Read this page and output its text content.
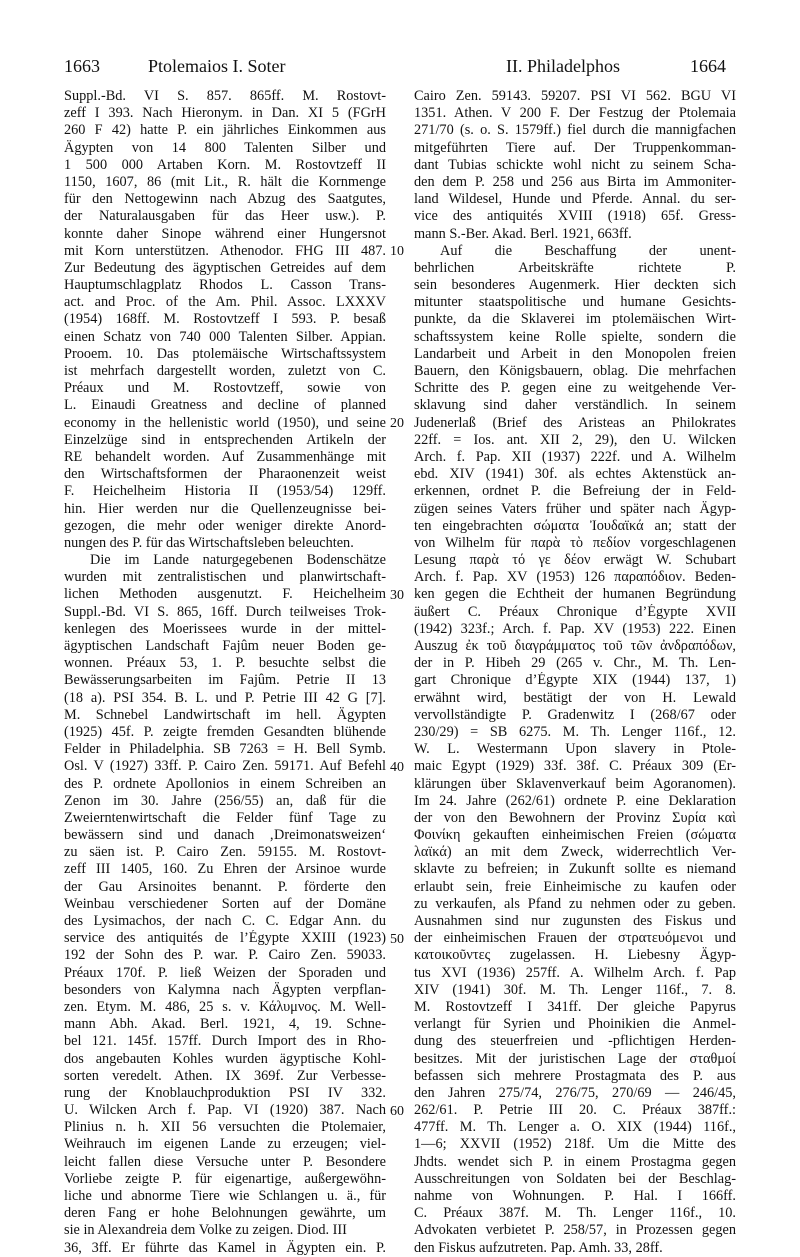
1663	Ptolemaios I. Soter	II. Philadelphos	1664
Suppl.-Bd. VI S. 857. 865ff. M. Rostovt-
zeff I 393. Nach Hieronym. in Dan. XI 5 (FGrH
260 F 42) hatte P. ein jährliches Einkommen aus
Ägypten von 14 800 Talenten Silber und
1 500 000 Artaben Korn. M. Rostovtzeff II
1150, 1607, 86 (mit Lit., R. hält die Kornmenge
für den Nettogewinn nach Abzug des Saatgutes,
der Naturalausgaben für das Heer usw.). P.
konnte daher Sinope während einer Hungersnot
mit Korn unterstützen. Athenodor. FHG III 487.
Zur Bedeutung des ägyptischen Getreides auf dem
Hauptumschlagplatz Rhodos L. Casson Trans-
act. and Proc. of the Am. Phil. Assoc. LXXXV
(1954) 168ff. M. Rostovtzeff I 593. P. besaß
einen Schatz von 740 000 Talenten Silber. Appian.
Prooem. 10. Das ptolemäische Wirtschaftssystem
ist mehrfach dargestellt worden, zuletzt von C.
Préaux und M. Rostovtzeff, sowie von
L. Einaudi Greatness and decline of planned
economy in the hellenistic world (1950), und seine
Einzelzüge sind in entsprechenden Artikeln der
RE behandelt worden. Auf Zusammenhänge mit
den Wirtschaftsformen der Pharaonenzeit weist
F. Heichelheim Historia II (1953/54) 129ff.
hin. Hier werden nur die Quellenzeugnisse bei-
gezogen, die mehr oder weniger direkte Anord-
nungen des P. für das Wirtschaftsleben beleuchten.
Die im Lande naturgegebenen Bodenschätze
wurden mit zentralistischen und planwirtschaft-
lichen Methoden ausgenutzt. F. Heichelheim
Suppl.-Bd. VI S. 865, 16ff. Durch teilweises Trok-
kenlegen des Moerissees wurde in der mittel-
ägyptischen Landschaft Fajûm neuer Boden ge-
wonnen. Préaux 53, 1. P. besuchte selbst die
Bewässerungsarbeiten im Fajûm. Petrie II 13
(18 a). PSI 354. B. L. und P. Petrie III 42 G [7].
M. Schnebel Landwirtschaft im hell. Ägypten
(1925) 45f. P. zeigte fremden Gesandten blühende
Felder in Philadelphia. SB 7263 = H. Bell Symb.
Osl. V (1927) 33ff. P. Cairo Zen. 59171. Auf Befehl
des P. ordnete Apollonios in einem Schreiben an
Zenon im 30. Jahre (256/55) an, daß für die
Zweierntenwirtschaft die Felder fünf Tage zu
bewässern sind und danach ‚Dreimonatsweizen‘
zu säen ist. P. Cairo Zen. 59155. M. Rostovt-
zeff III 1405, 160. Zu Ehren der Arsinoe wurde
der Gau Arsinoites benannt. P. förderte den
Weinbau verschiedener Sorten auf der Domäne
des Lysimachos, der nach C. C. Edgar Ann. du
service des antiquités de l’Égypte XXIII (1923)
192 der Sohn des P. war. P. Cairo Zen. 59033.
Préaux 170f. P. ließ Weizen der Sporaden und
besonders von Kalymna nach Ägypten verpflan-
zen. Etym. M. 486, 25 s. v. Κάλυμνος. M. Well-
mann Abh. Akad. Berl. 1921, 4, 19. Schne-
bel 121. 145f. 157ff. Durch Import des in Rho-
dos angebauten Kohles wurden ägyptische Kohl-
sorten veredelt. Athen. IX 369f. Zur Verbesse-
rung der Knoblauchproduktion PSI IV 332.
U. Wilcken Arch f. Pap. VI (1920) 387. Nach
Plinius n. h. XII 56 versuchten die Ptolemaier,
Weihrauch im eigenen Lande zu erzeugen; viel-
leicht fallen diese Versuche unter P. Besondere
Vorliebe zeigte P. für eigenartige, außergewöhn-
liche und abnorme Tiere wie Schlangen u. ä., für
deren Fang er hohe Belohnungen gewährte, um
sie in Alexandreia dem Volke zu zeigen. Diod. III
36, 3ff. Er führte das Kamel in Ägypten ein. P.
Cairo Zen. 59143. 59207. PSI VI 562. BGU VI
1351. Athen. V 200 F. Der Festzug der Ptolemaia
271/70 (s. o. S. 1579ff.) fiel durch die mannigfachen
mitgeführten Tiere auf. Der Truppenkomman-
dant Tubias schickte wohl nicht zu seinem Scha-
den dem P. 258 und 256 aus Birta im Ammoniter-
land Wildesel, Hunde und Pferde. Annal. du ser-
vice des antiquités XVIII (1918) 65f. Gress-
mann S.-Ber. Akad. Berl. 1921, 663ff.
Auf die Beschaffung der unent-
behrlichen Arbeitskräfte richtete P.
sein besonderes Augenmerk. Hier deckten sich
mitunter staatspolitische und humane Gesichts-
punkte, da die Sklaverei im ptolemäischen Wirt-
schaftssystem keine Rolle spielte, sondern die
Landarbeit und Arbeit in den Monopolen freien
Bauern, den Königsbauern, oblag. Die mehrfachen
Schritte des P. gegen eine zu weitgehende Ver-
sklavung sind daher verständlich. In seinem
Judenerlaß (Brief des Aristeas an Philokrates
22ff. = Ios. ant. XII 2, 29), den U. Wilcken
Arch. f. Pap. XII (1937) 222f. und A. Wilhelm
ebd. XIV (1941) 30f. als echtes Aktenstück an-
erkennen, ordnet P. die Befreiung der in Feld-
zügen seines Vaters früher und später nach Ägyp-
ten eingebrachten σώματα Ἰουδαϊκά an; statt der
von Wilhelm für παρὰ τὸ πεδίον vorgeschlagenen
Lesung παρὰ τό γε δέον erwägt W. Schubart
Arch. f. Pap. XV (1953) 126 παραπόδιον. Beden-
ken gegen die Echtheit der humanen Begründung
äußert C. Préaux Chronique d’Égypte XVII
(1942) 323f.; Arch. f. Pap. XV (1953) 222. Einen
Auszug ἐκ τοῦ διαγράμματος τοῦ τῶν ἀνδραπόδων,
der in P. Hibeh 29 (265 v. Chr., M. Th. Len-
gart Chronique d’Égypte XIX (1944) 137, 1)
erwähnt wird, bestätigt der von H. Lewald
vervollständigte P. Gradenwitz I (268/67 oder
230/29) = SB 6275. M. Th. Lenger 116f., 12.
W. L. Westermann Upon slavery in Ptole-
maic Egypt (1929) 33f. 38f. C. Préaux 309 (Er-
klärungen über Sklavenverkauf beim Agoranomen).
Im 24. Jahre (262/61) ordnete P. eine Deklaration
der von den Bewohnern der Provinz Συρία καὶ
Φοινίκη gekauften einheimischen Freien (σώματα
λαϊκά) an mit dem Zweck, widerrechtlich Ver-
sklavte zu befreien; in Zukunft sollte es niemand
erlaubt sein, freie Einheimische zu kaufen oder
zu verkaufen, als Pfand zu nehmen oder zu geben.
Ausnahmen sind nur zugunsten des Fiskus und
der einheimischen Frauen der στρατευόμενοι und
κατοικοῦντες zugelassen. H. Liebesny Ägyp-
tus XVI (1936) 257ff. A. Wilhelm Arch. f. Pap
XIV (1941) 30f. M. Th. Lenger 116f., 7. 8.
M. Rostovtzeff I 341ff. Der gleiche Papyrus
verlangt für Syrien und Phoinikien die Anmel-
dung des steuerfreien und -pflichtigen Herden-
besitzes. Mit der juristischen Lage der σταθμοί
befassen sich mehrere Prostagmata des P. aus
den Jahren 275/74, 276/75, 270/69 — 246/45,
262/61. P. Petrie III 20. C. Préaux 387ff.:
477ff. M. Th. Lenger a. O. XIX (1944) 116f.,
1—6; XXVII (1952) 218f. Um die Mitte des
Jhdts. wendet sich P. in einem Prostagma gegen
Ausschreitungen von Soldaten bei der Beschlag-
nahme von Wohnungen. P. Hal. I 166ff.
C. Préaux 387f. M. Th. Lenger 116f., 10.
Advokaten verbietet P. 258/57, in Prozessen gegen
den Fiskus aufzutreten. Pap. Amh. 33, 28ff.
10
20
30
40
50
60
